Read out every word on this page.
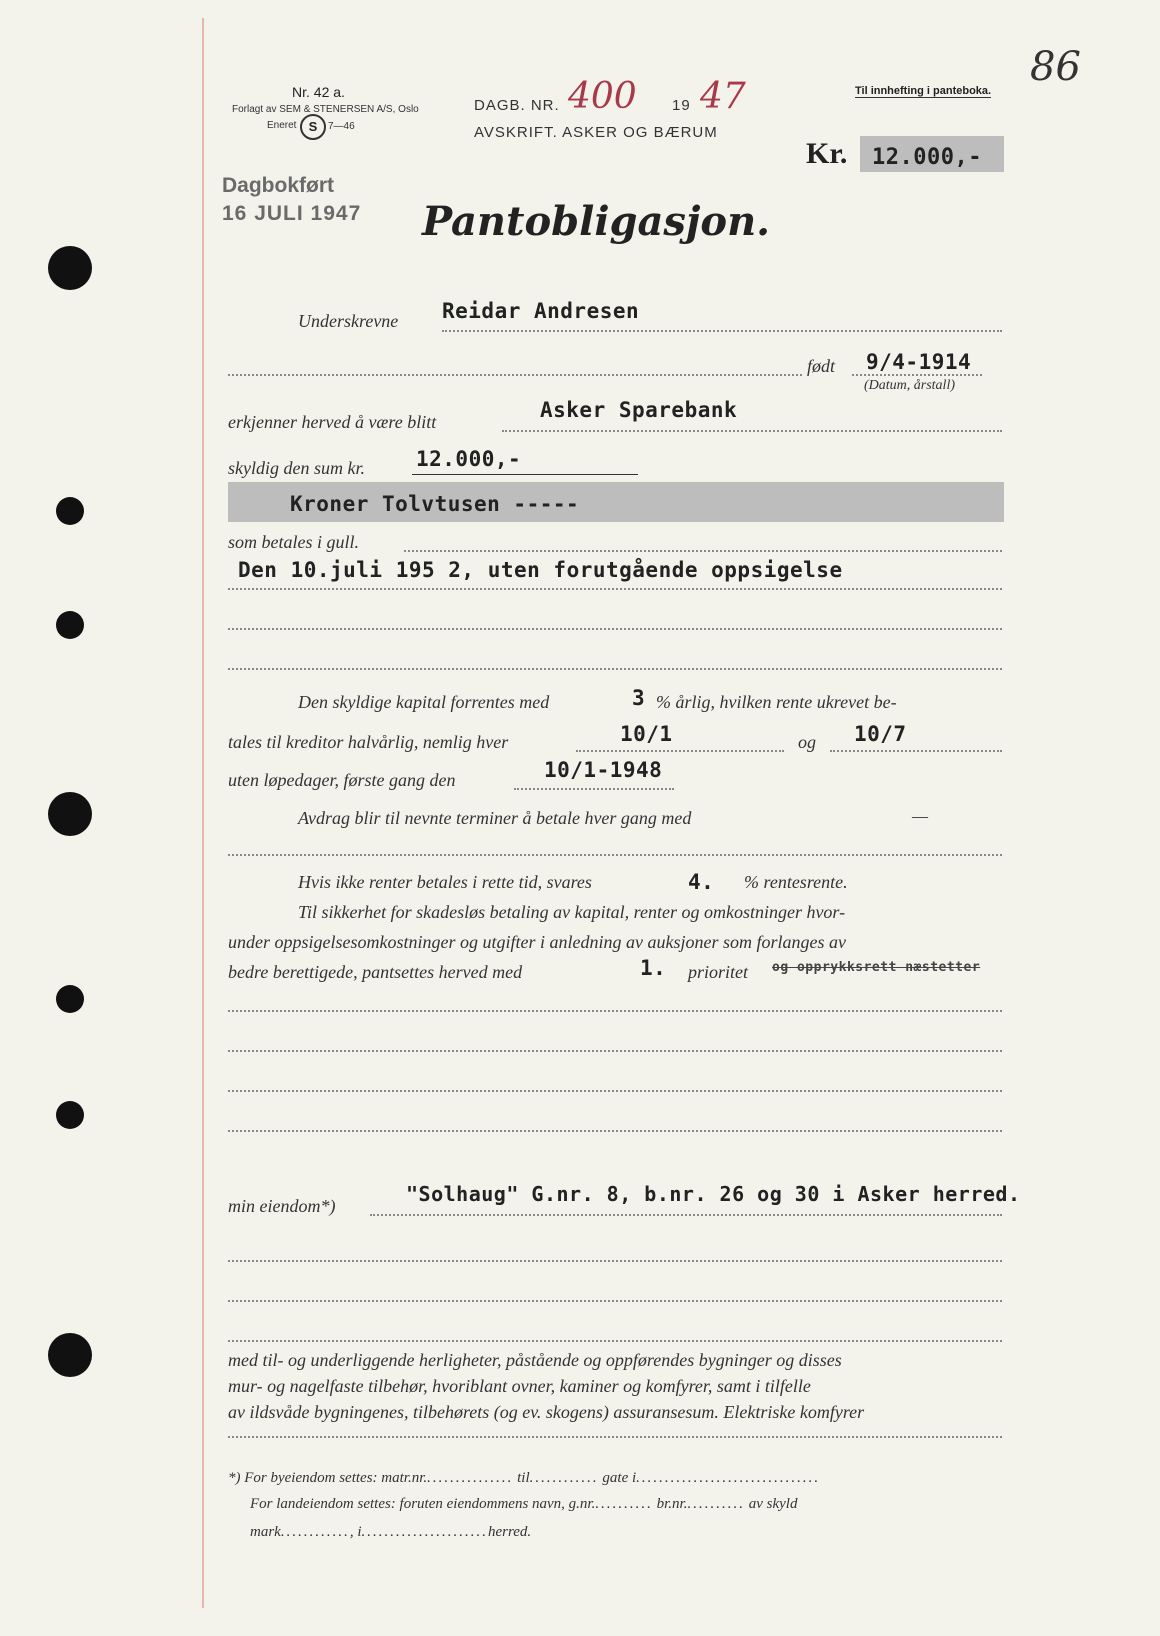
Nr. 42 a.
Forlagt av SEM & STENERSEN A/S, Oslo
Eneret S	7—46
DAGB. NR. 400 19 47
AVSKRIFT. ASKER OG BÆRUM
Til innhefting i panteboka.
86
Kr. 12.000,-
Dagbokført
16 JULI 1947 Pantobligasjon.
Underskrevne Reidar Andresen
født 9/4-1914
(Datum, årstall)
erkjenner herved å være blitt	Asker Sparebank
skyldig den sum kr. 12.000,-
Kroner Tolvtusen -----
som betales i gull.
Den 10.juli 195 2, uten forutgående oppsigelse
Den skyldige kapital forrentes med	3 % årlig, hvilken rente ukrevet be-
tales til kreditor halvårlig, nemlig hver	10/1	og 10/7
uten løpedager, første gang den	10/1-1948
Avdrag blir til nevnte terminer å betale hver gang med	—
Hvis ikke renter betales i rette tid, svares	4. % rentesrente.
Til sikkerhet for skadesløs betaling av kapital, renter og omkostninger hvor-
under oppsigelsesomkostninger og utgifter i anledning av auksjoner som forlanges av
bedre berettigede, pantsettes herved med	1. prioritet og opprykksrett næstetter
min eiendom*)	"Solhaug" G.nr. 8, b.nr. 26 og 30 i Asker herred.
med til- og underliggende herligheter, påstående og oppførendes bygninger og disses
mur- og nagelfaste tilbehør, hvoriblant ovner, kaminer og komfyrer, samt i tilfelle
av ildsvåde bygningenes, tilbehørets (og ev. skogens) assuransesum. Elektriske komfyrer
*) For byeiendom settes: matr.nr................ til............ gate i................................
For landeiendom settes: foruten eiendommens navn, g.nr........... br.nr........... av skyld
mark............, i......................herred.
